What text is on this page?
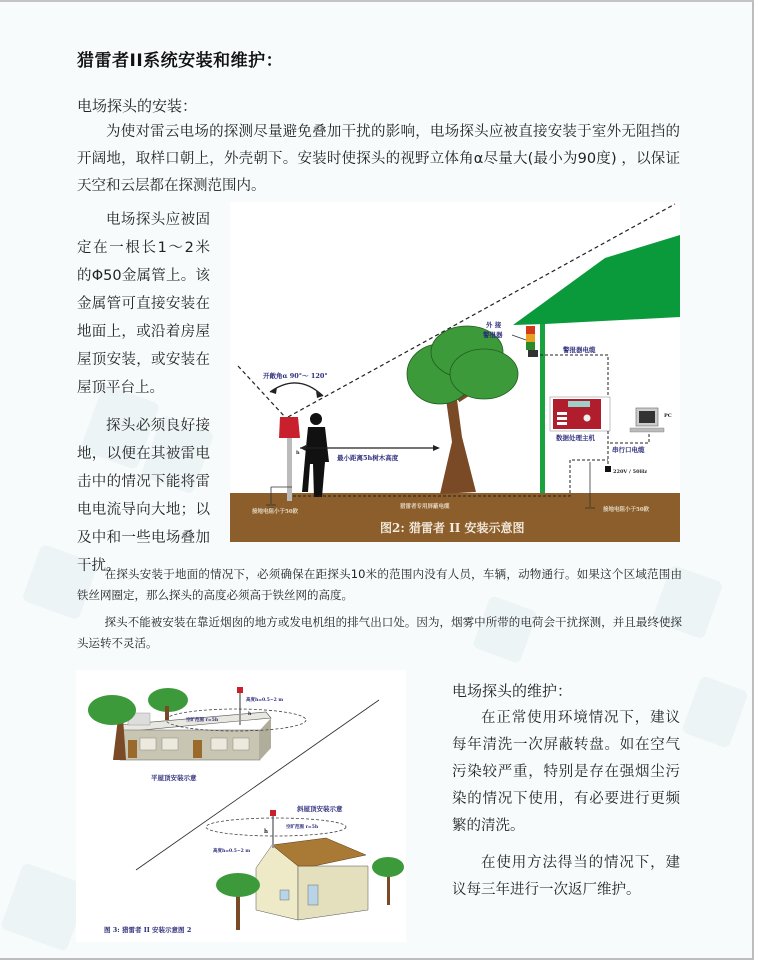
猎雷者II系统安装和维护：
电场探头的安装：

为使对雷云电场的探测尽量避免叠加干扰的影响，电场探头应被直接安装于室外无阻挡的开阔地，取样口朝上，外壳朝下。安装时使探头的视野立体角α尽量大(最小为90度) ，以保证天空和云层都在探测范围内。

电场探头应被固定在一根长1～2米的Φ50金属管上。该金属管可直接安装在地面上，或沿着房屋屋顶安装，或安装在屋顶平台上。

探头必须良好接地，以便在其被雷电击中的情况下能将雷电电流导向大地；以及中和一些电场叠加干扰。

开敞角α 90°～ 120°
h
最小距离5h树木高度
外 接
警报器
警报器电缆
数据处理主机
PC
串行口电缆
220V / 50Hz
猎雷者专用屏蔽电缆
接地电阻小于50欧	接地电阻小于50欧
图2: 猎雷者 II 安装示意图

在探头安装于地面的情况下，必须确保在距探头10米的范围内没有人员，车辆，动物通行。如果这个区域范围由铁丝网圈定，那么探头的高度必须高于铁丝网的高度。

探头不能被安装在靠近烟囱的地方或发电机组的排气出口处。因为，烟雾中所带的电荷会干扰探测，并且最终使探头运转不灵活。

高度h=0.5~2 m
h
空旷范围 r=5h
平屋顶安装示意
斜屋顶安装示意
空旷范围 r=5h
h
高度h=0.5~2 m
图 3: 猎雷者 II 安装示意图 2
电场探头的维护：

在正常使用环境情况下，建议每年清洗一次屏蔽转盘。如在空气污染较严重，特别是存在强烟尘污染的情况下使用，有必要进行更频繁的清洗。

在使用方法得当的情况下，建议每三年进行一次返厂维护。
